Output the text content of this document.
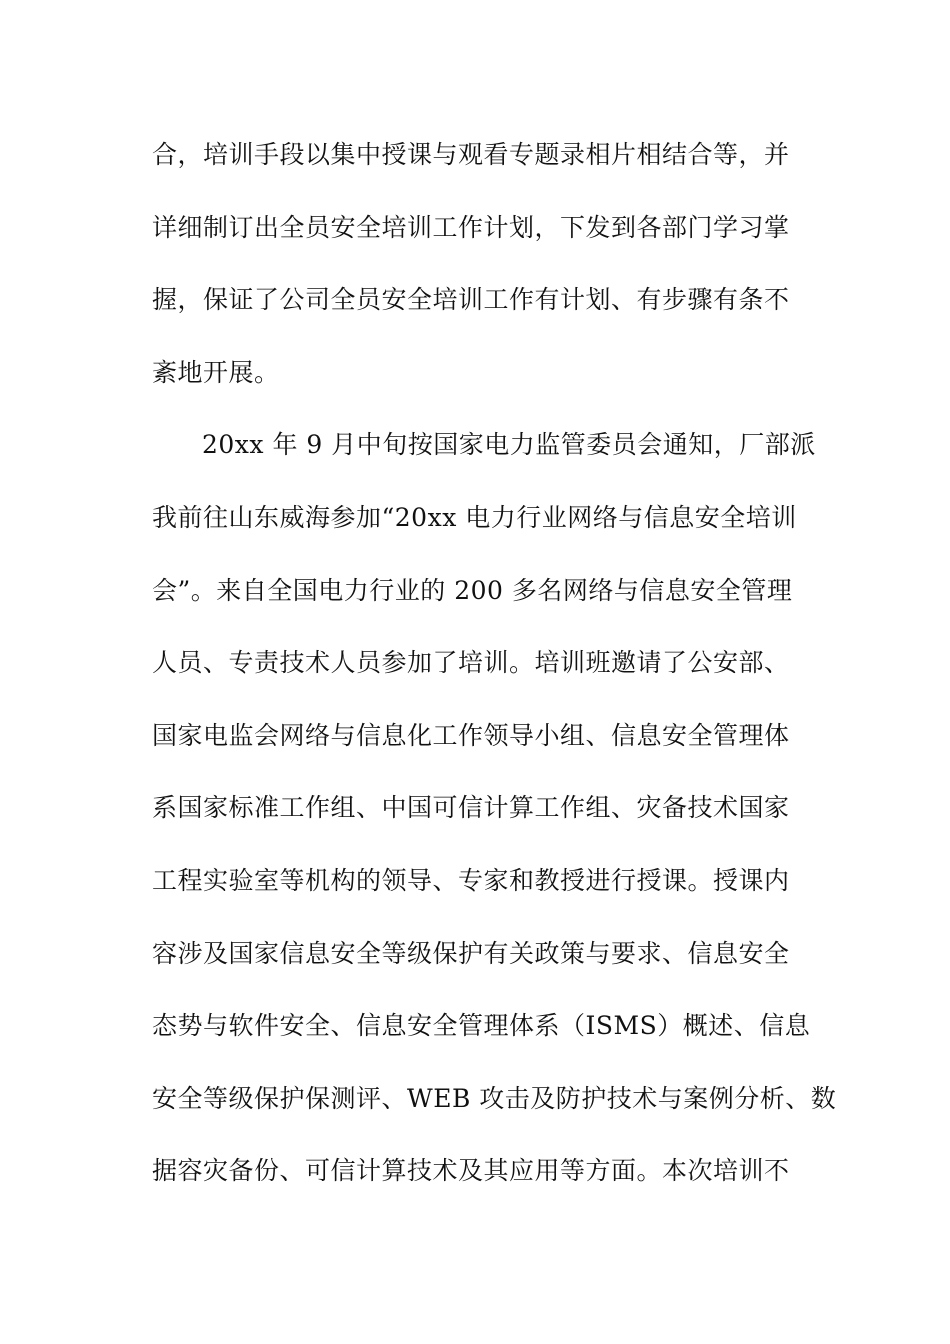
合，培训手段以集中授课与观看专题录相片相结合等，并
详细制订出全员安全培训工作计划，下发到各部门学习掌
握，保证了公司全员安全培训工作有计划、有步骤有条不
紊地开展。
20xx 年 9 月中旬按国家电力监管委员会通知，厂部派
我前往山东威海参加“20xx 电力行业网络与信息安全培训
会”。来自全国电力行业的 200 多名网络与信息安全管理
人员、专责技术人员参加了培训。培训班邀请了公安部、
国家电监会网络与信息化工作领导小组、信息安全管理体
系国家标准工作组、中国可信计算工作组、灾备技术国家
工程实验室等机构的领导、专家和教授进行授课。授课内
容涉及国家信息安全等级保护有关政策与要求、信息安全
态势与软件安全、信息安全管理体系（ISMS）概述、信息
安全等级保护保测评、WEB 攻击及防护技术与案例分析、数
据容灾备份、可信计算技术及其应用等方面。本次培训不
